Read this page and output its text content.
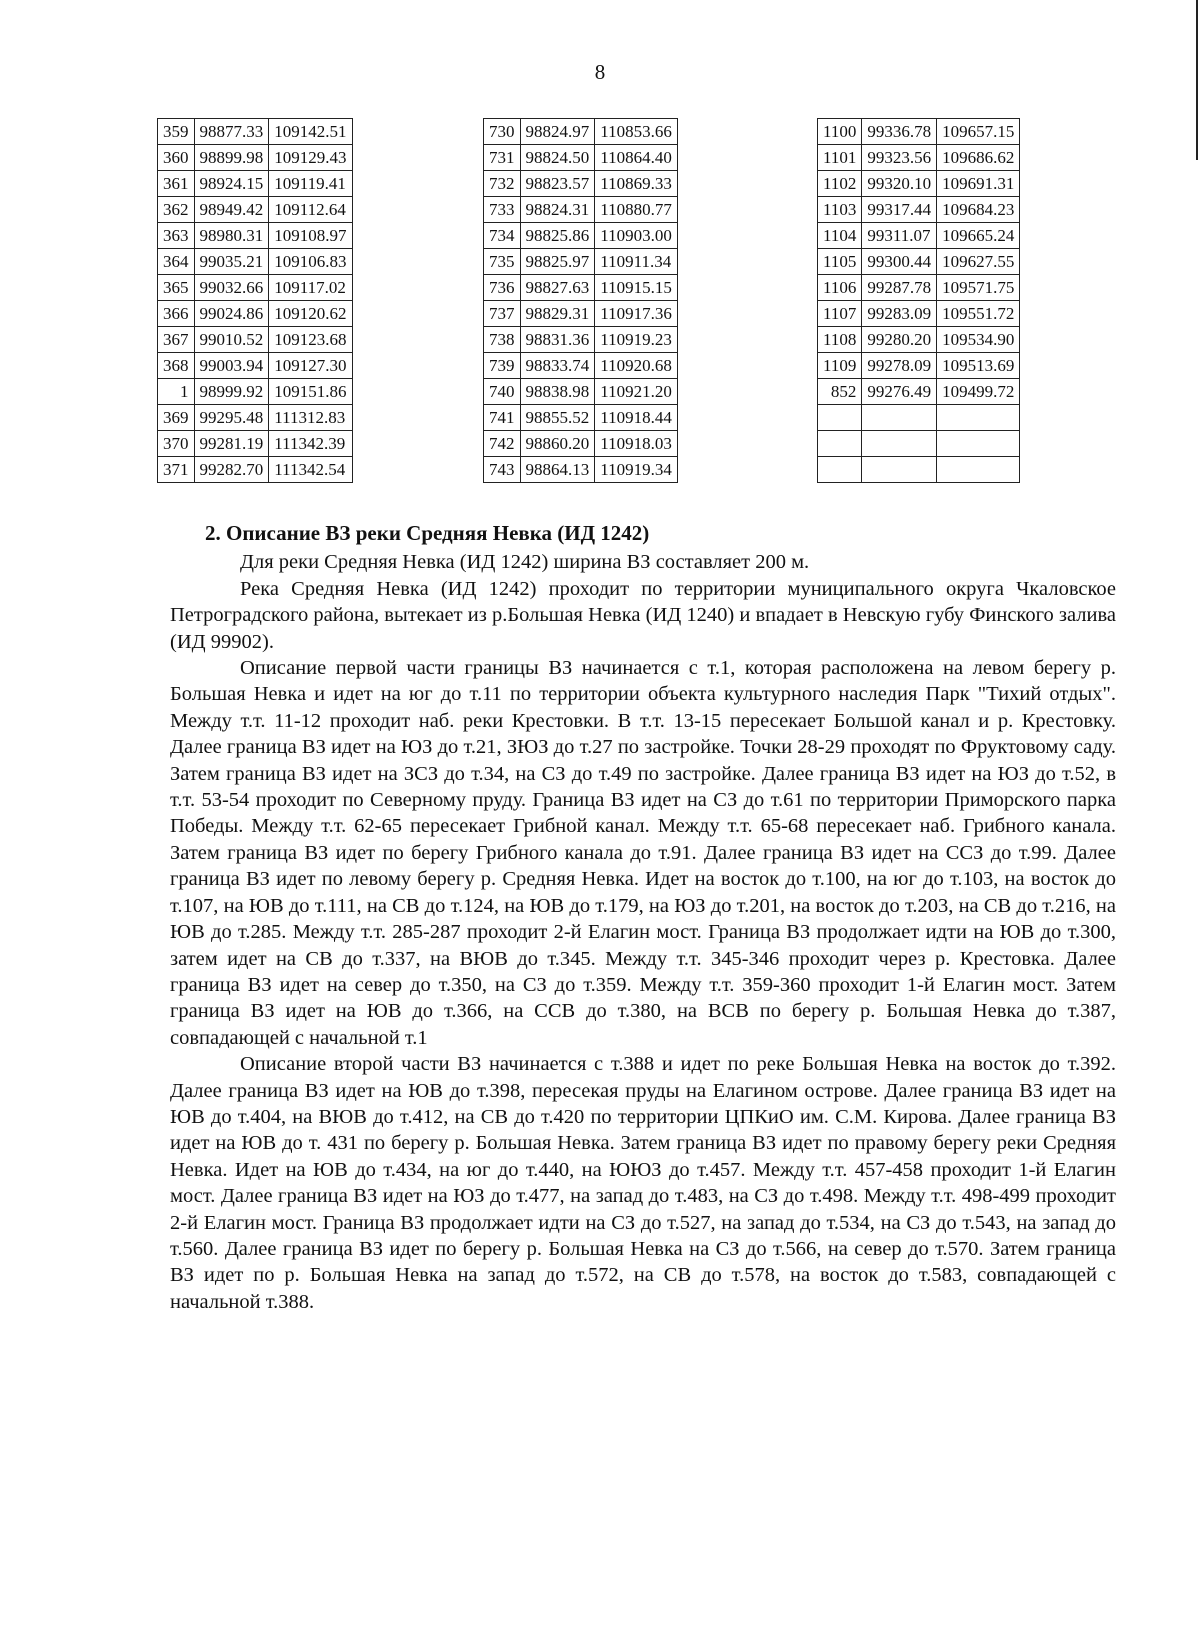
8
359	98877.33	109142.51
360	98899.98	109129.43
361	98924.15	109119.41
362	98949.42	109112.64
363	98980.31	109108.97
364	99035.21	109106.83
365	99032.66	109117.02
366	99024.86	109120.62
367	99010.52	109123.68
368	99003.94	109127.30
1	98999.92	109151.86
369	99295.48	111312.83
370	99281.19	111342.39
371	99282.70	111342.54
730	98824.97	110853.66
731	98824.50	110864.40
732	98823.57	110869.33
733	98824.31	110880.77
734	98825.86	110903.00
735	98825.97	110911.34
736	98827.63	110915.15
737	98829.31	110917.36
738	98831.36	110919.23
739	98833.74	110920.68
740	98838.98	110921.20
741	98855.52	110918.44
742	98860.20	110918.03
743	98864.13	110919.34
1100	99336.78	109657.15
1101	99323.56	109686.62
1102	99320.10	109691.31
1103	99317.44	109684.23
1104	99311.07	109665.24
1105	99300.44	109627.55
1106	99287.78	109571.75
1107	99283.09	109551.72
1108	99280.20	109534.90
1109	99278.09	109513.69
852	99276.49	109499.72

2. Описание ВЗ реки Средняя Невка (ИД 1242)

Для реки Средняя Невка (ИД 1242) ширина ВЗ составляет 200 м.

Река Средняя Невка (ИД 1242) проходит по территории муниципального округа Чкаловское Петроградского района, вытекает из р.Большая Невка (ИД 1240) и впадает в Невскую губу Финского залива (ИД 99902).

Описание первой части границы ВЗ начинается с т.1, которая расположена на левом берегу р. Большая Невка и идет на юг до т.11 по территории объекта культурного наследия Парк "Тихий отдых". Между т.т. 11-12 проходит наб. реки Крестовки. В т.т. 13-15 пересекает Большой канал и р. Крестовку. Далее граница ВЗ идет на ЮЗ до т.21, ЗЮЗ до т.27 по застройке. Точки 28-29 проходят по Фруктовому саду. Затем граница ВЗ идет на ЗСЗ до т.34, на СЗ до т.49 по застройке. Далее граница ВЗ идет на ЮЗ до т.52, в т.т. 53-54 проходит по Северному пруду. Граница ВЗ идет на СЗ до т.61 по территории Приморского парка Победы. Между т.т. 62-65 пересекает Грибной канал. Между т.т. 65-68 пересекает наб. Грибного канала. Затем граница ВЗ идет по берегу Грибного канала до т.91. Далее граница ВЗ идет на ССЗ до т.99. Далее граница ВЗ идет по левому берегу р. Средняя Невка. Идет на восток до т.100, на юг до т.103, на восток до т.107, на ЮВ до т.111, на СВ до т.124, на ЮВ до т.179, на ЮЗ до т.201, на восток до т.203, на СВ до т.216, на ЮВ до т.285. Между т.т. 285-287 проходит 2-й Елагин мост. Граница ВЗ продолжает идти на ЮВ до т.300, затем идет на СВ до т.337, на ВЮВ до т.345. Между т.т. 345-346 проходит через р. Крестовка. Далее граница ВЗ идет на север до т.350, на СЗ до т.359. Между т.т. 359-360 проходит 1-й Елагин мост. Затем граница ВЗ идет на ЮВ до т.366, на ССВ до т.380, на ВСВ по берегу р. Большая Невка до т.387, совпадающей с начальной т.1

Описание второй части ВЗ начинается с т.388 и идет по реке Большая Невка на восток до т.392. Далее граница ВЗ идет на ЮВ до т.398, пересекая пруды на Елагином острове. Далее граница ВЗ идет на ЮВ до т.404, на ВЮВ до т.412, на СВ до т.420 по территории ЦПКиО им. С.М. Кирова. Далее граница ВЗ идет на ЮВ до т. 431 по берегу р. Большая Невка. Затем граница ВЗ идет по правому берегу реки Средняя Невка. Идет на ЮВ до т.434, на юг до т.440, на ЮЮЗ до т.457. Между т.т. 457-458 проходит 1-й Елагин мост. Далее граница ВЗ идет на ЮЗ до т.477, на запад до т.483, на СЗ до т.498. Между т.т. 498-499 проходит 2-й Елагин мост. Граница ВЗ продолжает идти на СЗ до т.527, на запад до т.534, на СЗ до т.543, на запад до т.560. Далее граница ВЗ идет по берегу р. Большая Невка на СЗ до т.566, на север до т.570. Затем граница ВЗ идет по р. Большая Невка на запад до т.572, на СВ до т.578, на восток до т.583, совпадающей с начальной т.388.
